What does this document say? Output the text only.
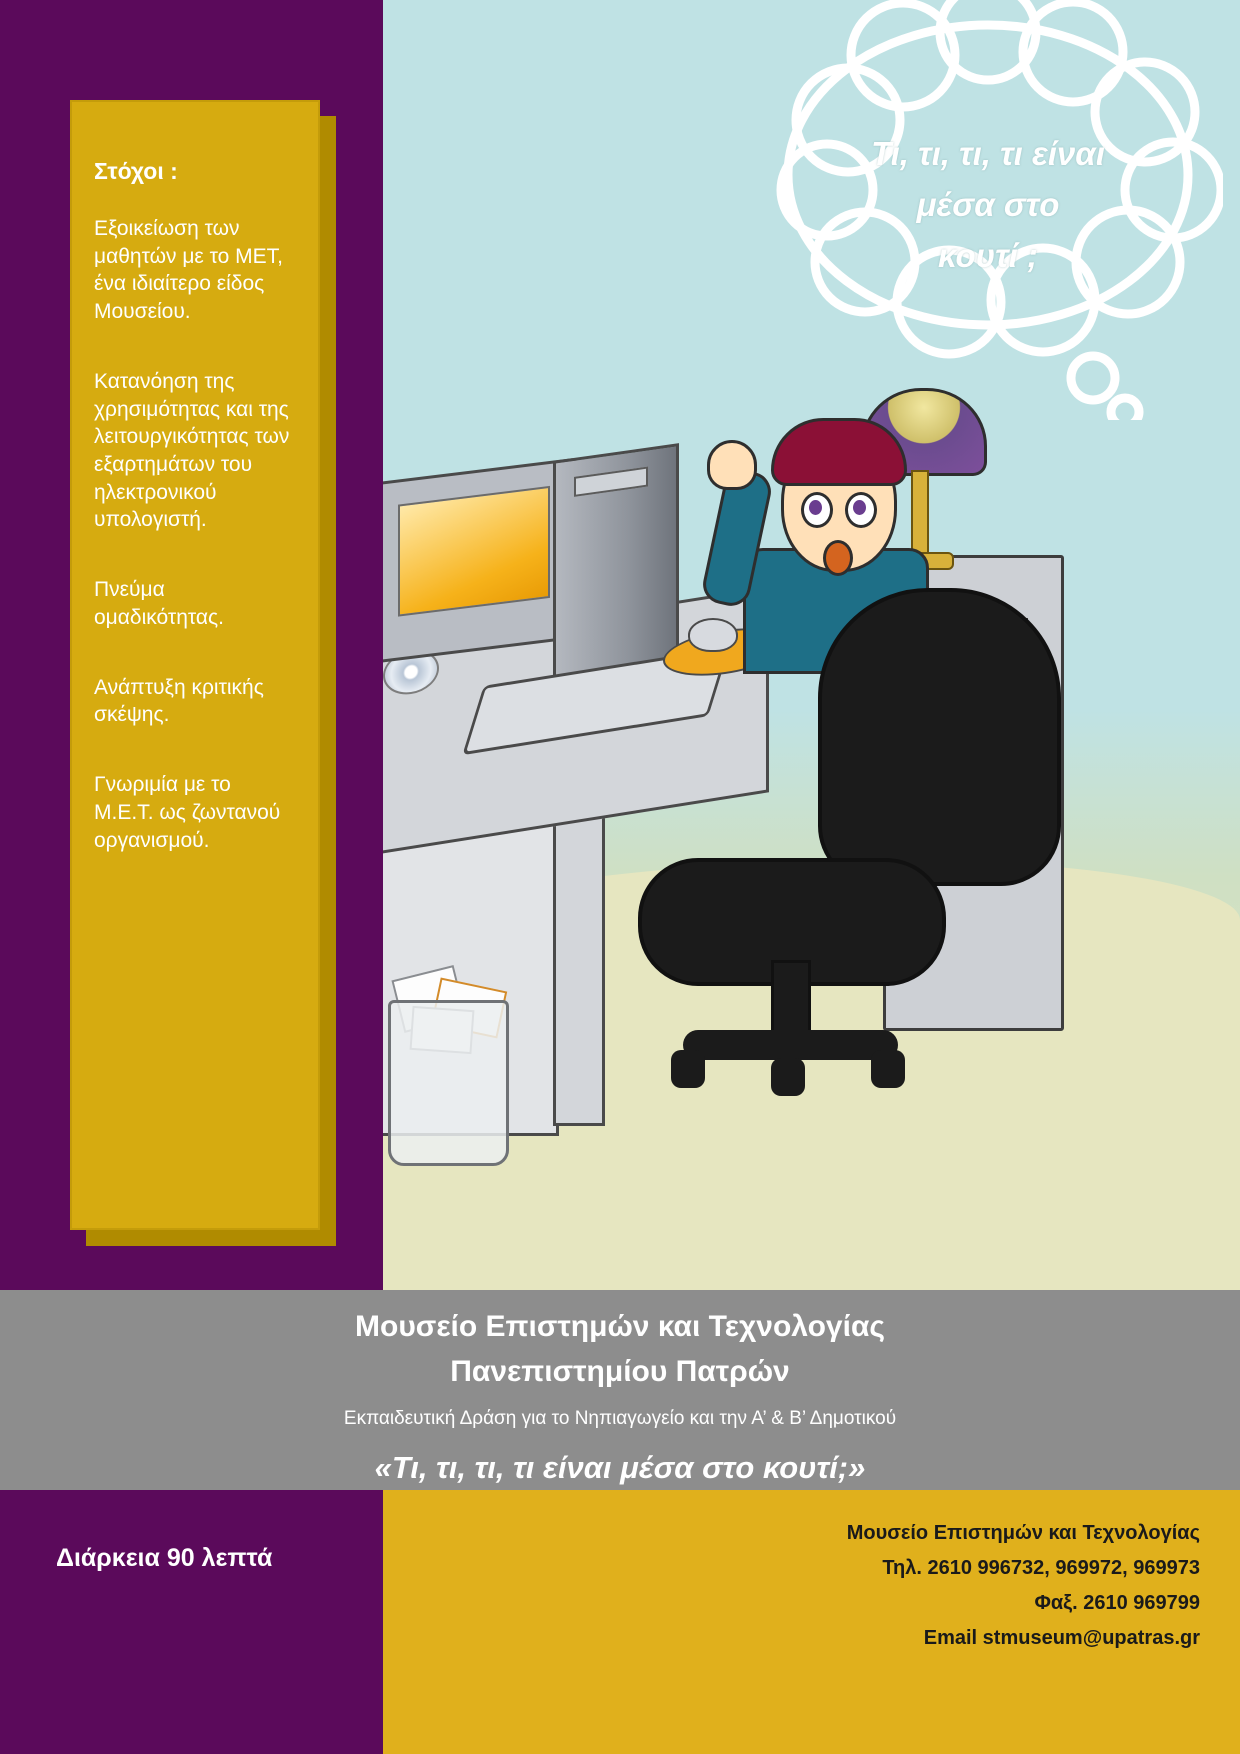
Τι, τι, τι, τι είναι
μέσα στο
κουτί ;
Στόχοι :
Εξοικείωση των μαθητών με το ΜΕΤ, ένα ιδιαίτερο είδος Μουσείου.
Κατανόηση της χρησιμότητας και της λειτουργικότητας των εξαρτημάτων του ηλεκτρονικού υπολογιστή.
Πνεύμα ομαδικότητας.
Ανάπτυξη κριτικής σκέψης.
Γνωριμία με το Μ.Ε.Τ. ως ζωντανού οργανισμού.
Μουσείο Επιστημών και Τεχνολογίας
Πανεπιστημίου Πατρών
Εκπαιδευτική Δράση για το Νηπιαγωγείο και την Α’ & Β’ Δημοτικού
«Τι, τι, τι, τι είναι μέσα στο κουτί;»
Διάρκεια 90 λεπτά
Μουσείο Επιστημών και Τεχνολογίας
Τηλ. 2610 996732, 969972, 969973
Φαξ. 2610 969799
Email stmuseum@upatras.gr
